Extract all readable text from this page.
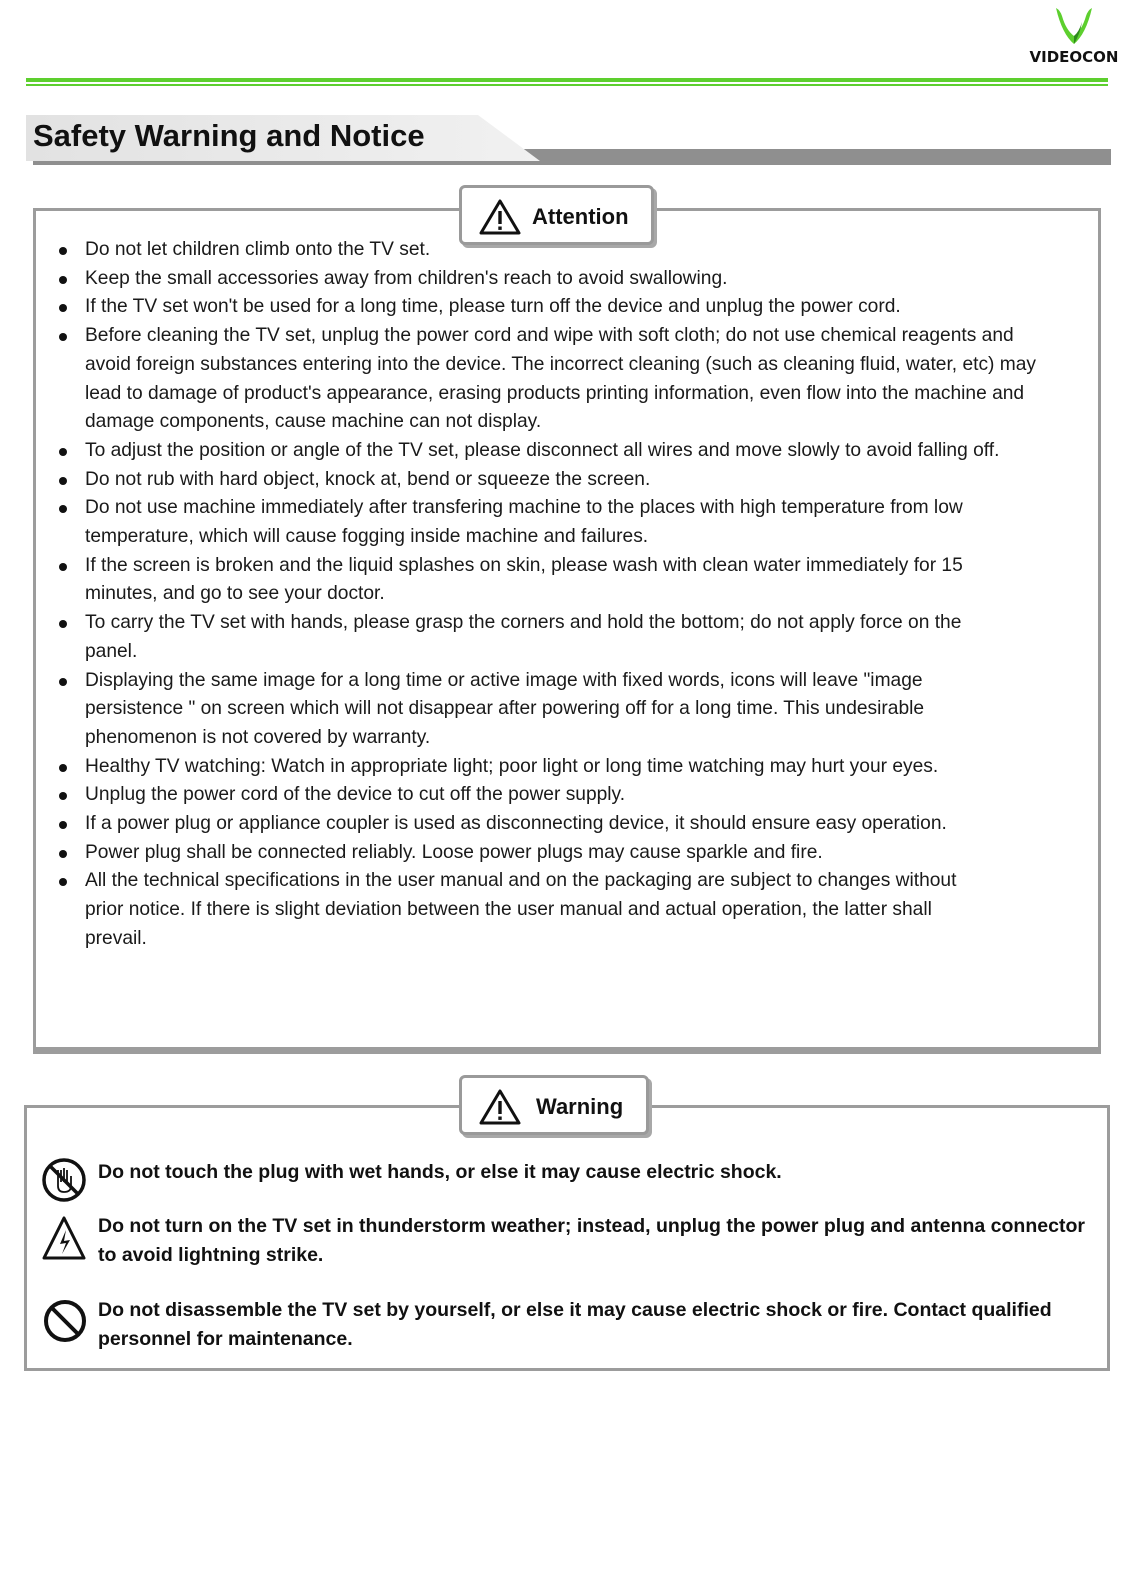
VIDEOCON
Safety Warning and Notice
Attention
Do not let children climb onto the TV set.
Keep the small accessories away from children's reach to avoid swallowing.
If the TV set won't be used for a long time, please turn off the device and unplug the power cord.
Before cleaning the TV set, unplug the power cord and wipe with soft cloth; do not use chemical reagents and avoid foreign substances entering into the device. The incorrect cleaning (such as cleaning fluid, water, etc) may lead to damage of product's appearance, erasing products printing information, even flow into the machine and damage components, cause machine can not display.
To adjust the position or angle of the TV set, please disconnect all wires and move slowly to avoid falling off.
Do not rub with hard object, knock at, bend or squeeze the screen.
Do not use machine immediately after transfering machine to the places with high temperature from low temperature, which will cause fogging inside machine and failures.
If the screen is broken and the liquid splashes on skin, please wash with clean water immediately for 15 minutes, and go to see your doctor.
To carry the TV set with hands, please grasp the corners and hold the bottom; do not apply force on the panel.
Displaying the same image for a long time or active image with fixed words, icons will leave "image persistence " on screen which will not disappear after powering off for a long time. This undesirable phenomenon is not covered by warranty.
Healthy TV watching: Watch in appropriate light; poor light or long time watching may hurt your eyes.
Unplug the power cord of the device to cut off the power supply.
If a power plug or appliance coupler is used as disconnecting device, it should ensure easy operation.
Power plug shall be connected reliably. Loose power plugs may cause sparkle and fire.
All the technical specifications in the user manual and on the packaging are subject to changes without prior notice. If there is slight deviation between the user manual and actual operation, the latter shall prevail.
Warning
Do not touch the plug with wet hands, or else it may cause electric shock.
Do not turn on the TV set in thunderstorm weather; instead, unplug the power plug and antenna connector to avoid lightning strike.
Do not disassemble the TV set by yourself, or else it may cause electric shock or fire. Contact qualified personnel for maintenance.
